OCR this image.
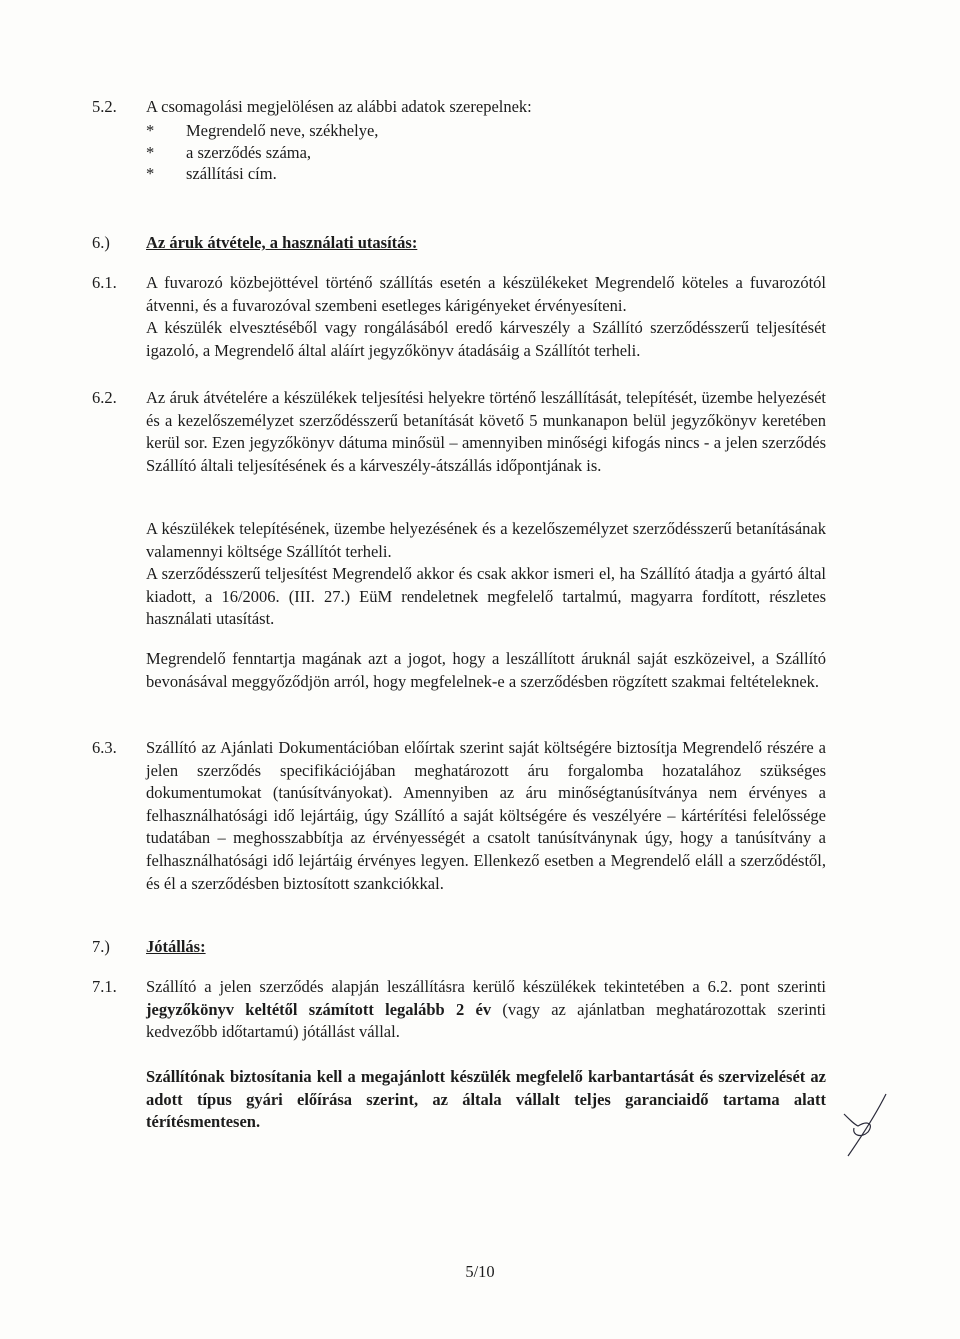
5.2.	A csomagolási megjelölésen az alábbi adatok szerepelnek:

*	Megrendelő neve, székhelye,
*	a szerződés száma,
*	szállítási cím.
6.)	Az áruk átvétele, a használati utasítás:
6.1.	A fuvarozó közbejöttével történő szállítás esetén a készülékeket Megrendelő köteles a fuvarozótól átvenni, és a fuvarozóval szembeni esetleges kárigényeket érvényesíteni.

A készülék elvesztéséből vagy rongálásából eredő kárveszély a Szállító szerződésszerű teljesítését igazoló, a Megrendelő által aláírt jegyzőkönyv átadásáig a Szállítót terheli.

6.2.	Az áruk átvételére a készülékek teljesítési helyekre történő leszállítását, telepítését, üzembe helyezését és a kezelőszemélyzet szerződésszerű betanítását követő 5 munkanapon belül jegyzőkönyv keretében kerül sor. Ezen jegyzőkönyv dátuma minősül – amennyiben minőségi kifogás nincs - a jelen szerződés Szállító általi teljesítésének és a kárveszély-átszállás időpontjának is.

A készülékek telepítésének, üzembe helyezésének és a kezelőszemélyzet szerződésszerű betanításának valamennyi költsége Szállítót terheli.

A szerződésszerű teljesítést Megrendelő akkor és csak akkor ismeri el, ha Szállító átadja a gyártó által kiadott, a 16/2006. (III. 27.) EüM rendeletnek megfelelő tartalmú, magyarra fordított, részletes használati utasítást.

Megrendelő fenntartja magának azt a jogot, hogy a leszállított áruknál saját eszközeivel, a Szállító bevonásával meggyőződjön arról, hogy megfelelnek-e a szerződésben rögzített szakmai feltételeknek.

6.3.	Szállító az Ajánlati Dokumentációban előírtak szerint saját költségére biztosítja Megrendelő részére a jelen szerződés specifikációjában meghatározott áru forgalomba hozatalához szükséges dokumentumokat (tanúsítványokat). Amennyiben az áru minőségtanúsítványa nem érvényes a felhasználhatósági idő lejártáig, úgy Szállító a saját költségére és veszélyére – kártérítési felelőssége tudatában – meghosszabbítja az érvényességét a csatolt tanúsítványnak úgy, hogy a tanúsítvány a felhasználhatósági idő lejártáig érvényes legyen. Ellenkező esetben a Megrendelő eláll a szerződéstől, és él a szerződésben biztosított szankciókkal.

7.)	Jótállás:
7.1.	Szállító a jelen szerződés alapján leszállításra kerülő készülékek tekintetében a 6.2. pont szerinti jegyzőkönyv keltétől számított legalább 2 év (vagy az ajánlatban meghatározottak szerinti kedvezőbb időtartamú) jótállást vállal.

Szállítónak biztosítania kell a megajánlott készülék megfelelő karbantartását és szervizelését az adott típus gyári előírása szerint, az általa vállalt teljes garanciaidő tartama alatt térítésmentesen.

5/10
